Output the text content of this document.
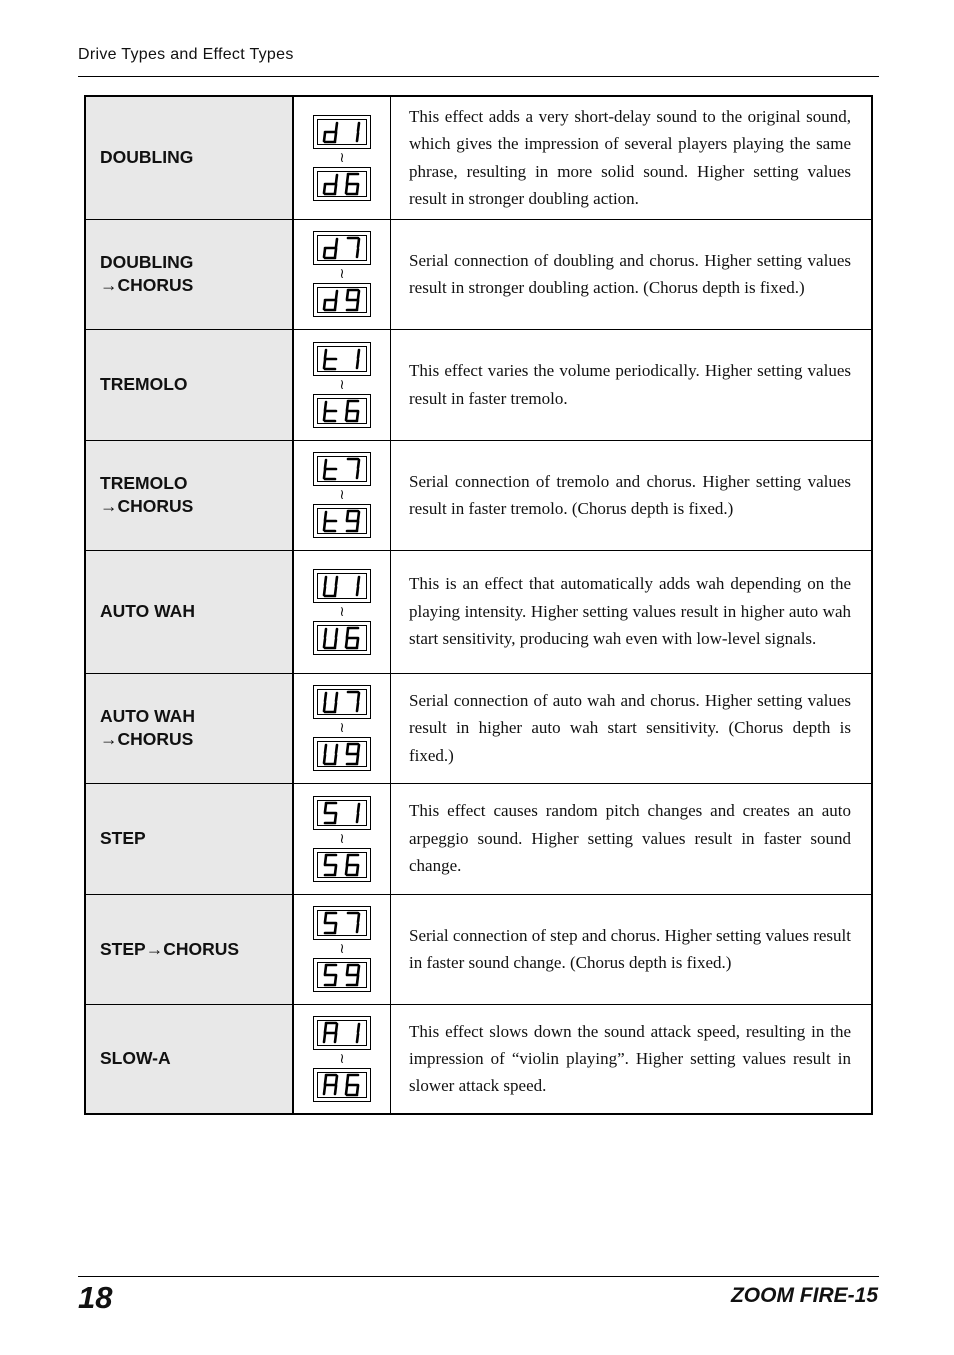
Drive Types and Effect Types
DOUBLING	≀	This effect adds a very short-delay sound to the original sound, which gives the impression of several players playing the same phrase, resulting in more solid sound. Higher setting values result in stronger doubling action.

DOUBLING
→CHORUS	≀	Serial connection of doubling and chorus. Higher setting values result in stronger doubling action. (Chorus depth is fixed.)

TREMOLO	≀	This effect varies the volume periodically. Higher setting values result in faster tremolo.

TREMOLO
→CHORUS	≀	Serial connection of tremolo and chorus. Higher setting values result in faster tremolo. (Chorus depth is fixed.)

AUTO WAH	≀	This is an effect that automatically adds wah depending on the playing intensity. Higher setting values result in higher auto wah start sensitivity, producing wah even with low-level signals.

AUTO WAH
→CHORUS	≀	Serial connection of auto wah and chorus. Higher setting values result in higher auto wah start sensitivity. (Chorus depth is fixed.)

STEP	≀	This effect causes random pitch changes and creates an auto arpeggio sound. Higher setting values result in faster sound change.

STEP→CHORUS	≀	Serial connection of step and chorus. Higher setting values result in faster sound change. (Chorus depth is fixed.)

SLOW-A	≀	This effect slows down the sound attack speed, resulting in the impression of “violin playing”. Higher setting values result in slower attack speed.
18	ZOOM FIRE-15
